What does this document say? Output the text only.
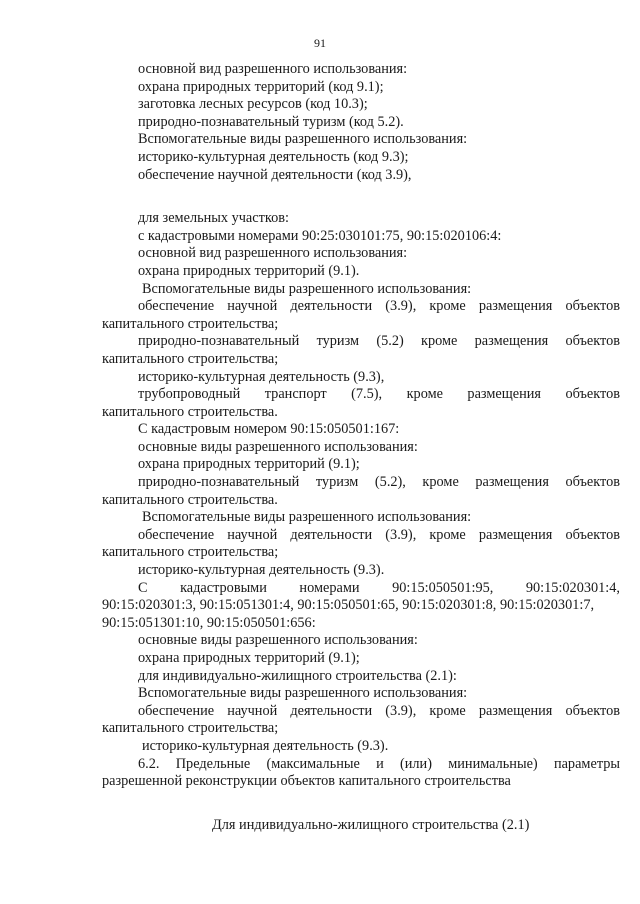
91
основной вид разрешенного использования:
охрана природных территорий (код 9.1);
заготовка лесных ресурсов (код 10.3);
природно-познавательный туризм (код 5.2).
Вспомогательные виды разрешенного использования:
историко-культурная деятельность (код 9.3);
обеспечение научной деятельности (код 3.9),
для земельных участков:
с кадастровыми номерами 90:25:030101:75, 90:15:020106:4:
основной вид разрешенного использования:
охрана природных территорий (9.1).
Вспомогательные виды разрешенного использования:
обеспечение научной деятельности (3.9), кроме размещения объектов
капитального строительства;
природно-познавательный туризм (5.2) кроме размещения объектов
капитального строительства;
историко-культурная деятельность (9.3),
трубопроводный транспорт (7.5), кроме размещения объектов
капитального строительства.
С кадастровым номером 90:15:050501:167:
основные виды разрешенного использования:
охрана природных территорий (9.1);
природно-познавательный туризм (5.2), кроме размещения объектов
капитального строительства.
Вспомогательные виды разрешенного использования:
обеспечение научной деятельности (3.9), кроме размещения объектов
капитального строительства;
историко-культурная деятельность (9.3).
С кадастровыми номерами 90:15:050501:95, 90:15:020301:4,
90:15:020301:3, 90:15:051301:4, 90:15:050501:65, 90:15:020301:8, 90:15:020301:7,
90:15:051301:10, 90:15:050501:656:
основные виды разрешенного использования:
охрана природных территорий (9.1);
для индивидуально-жилищного строительства (2.1):
Вспомогательные виды разрешенного использования:
обеспечение научной деятельности (3.9), кроме размещения объектов
капитального строительства;
историко-культурная деятельность (9.3).
6.2. Предельные (максимальные и (или) минимальные) параметры
разрешенной реконструкции объектов капитального строительства
Для индивидуально-жилищного строительства (2.1)
